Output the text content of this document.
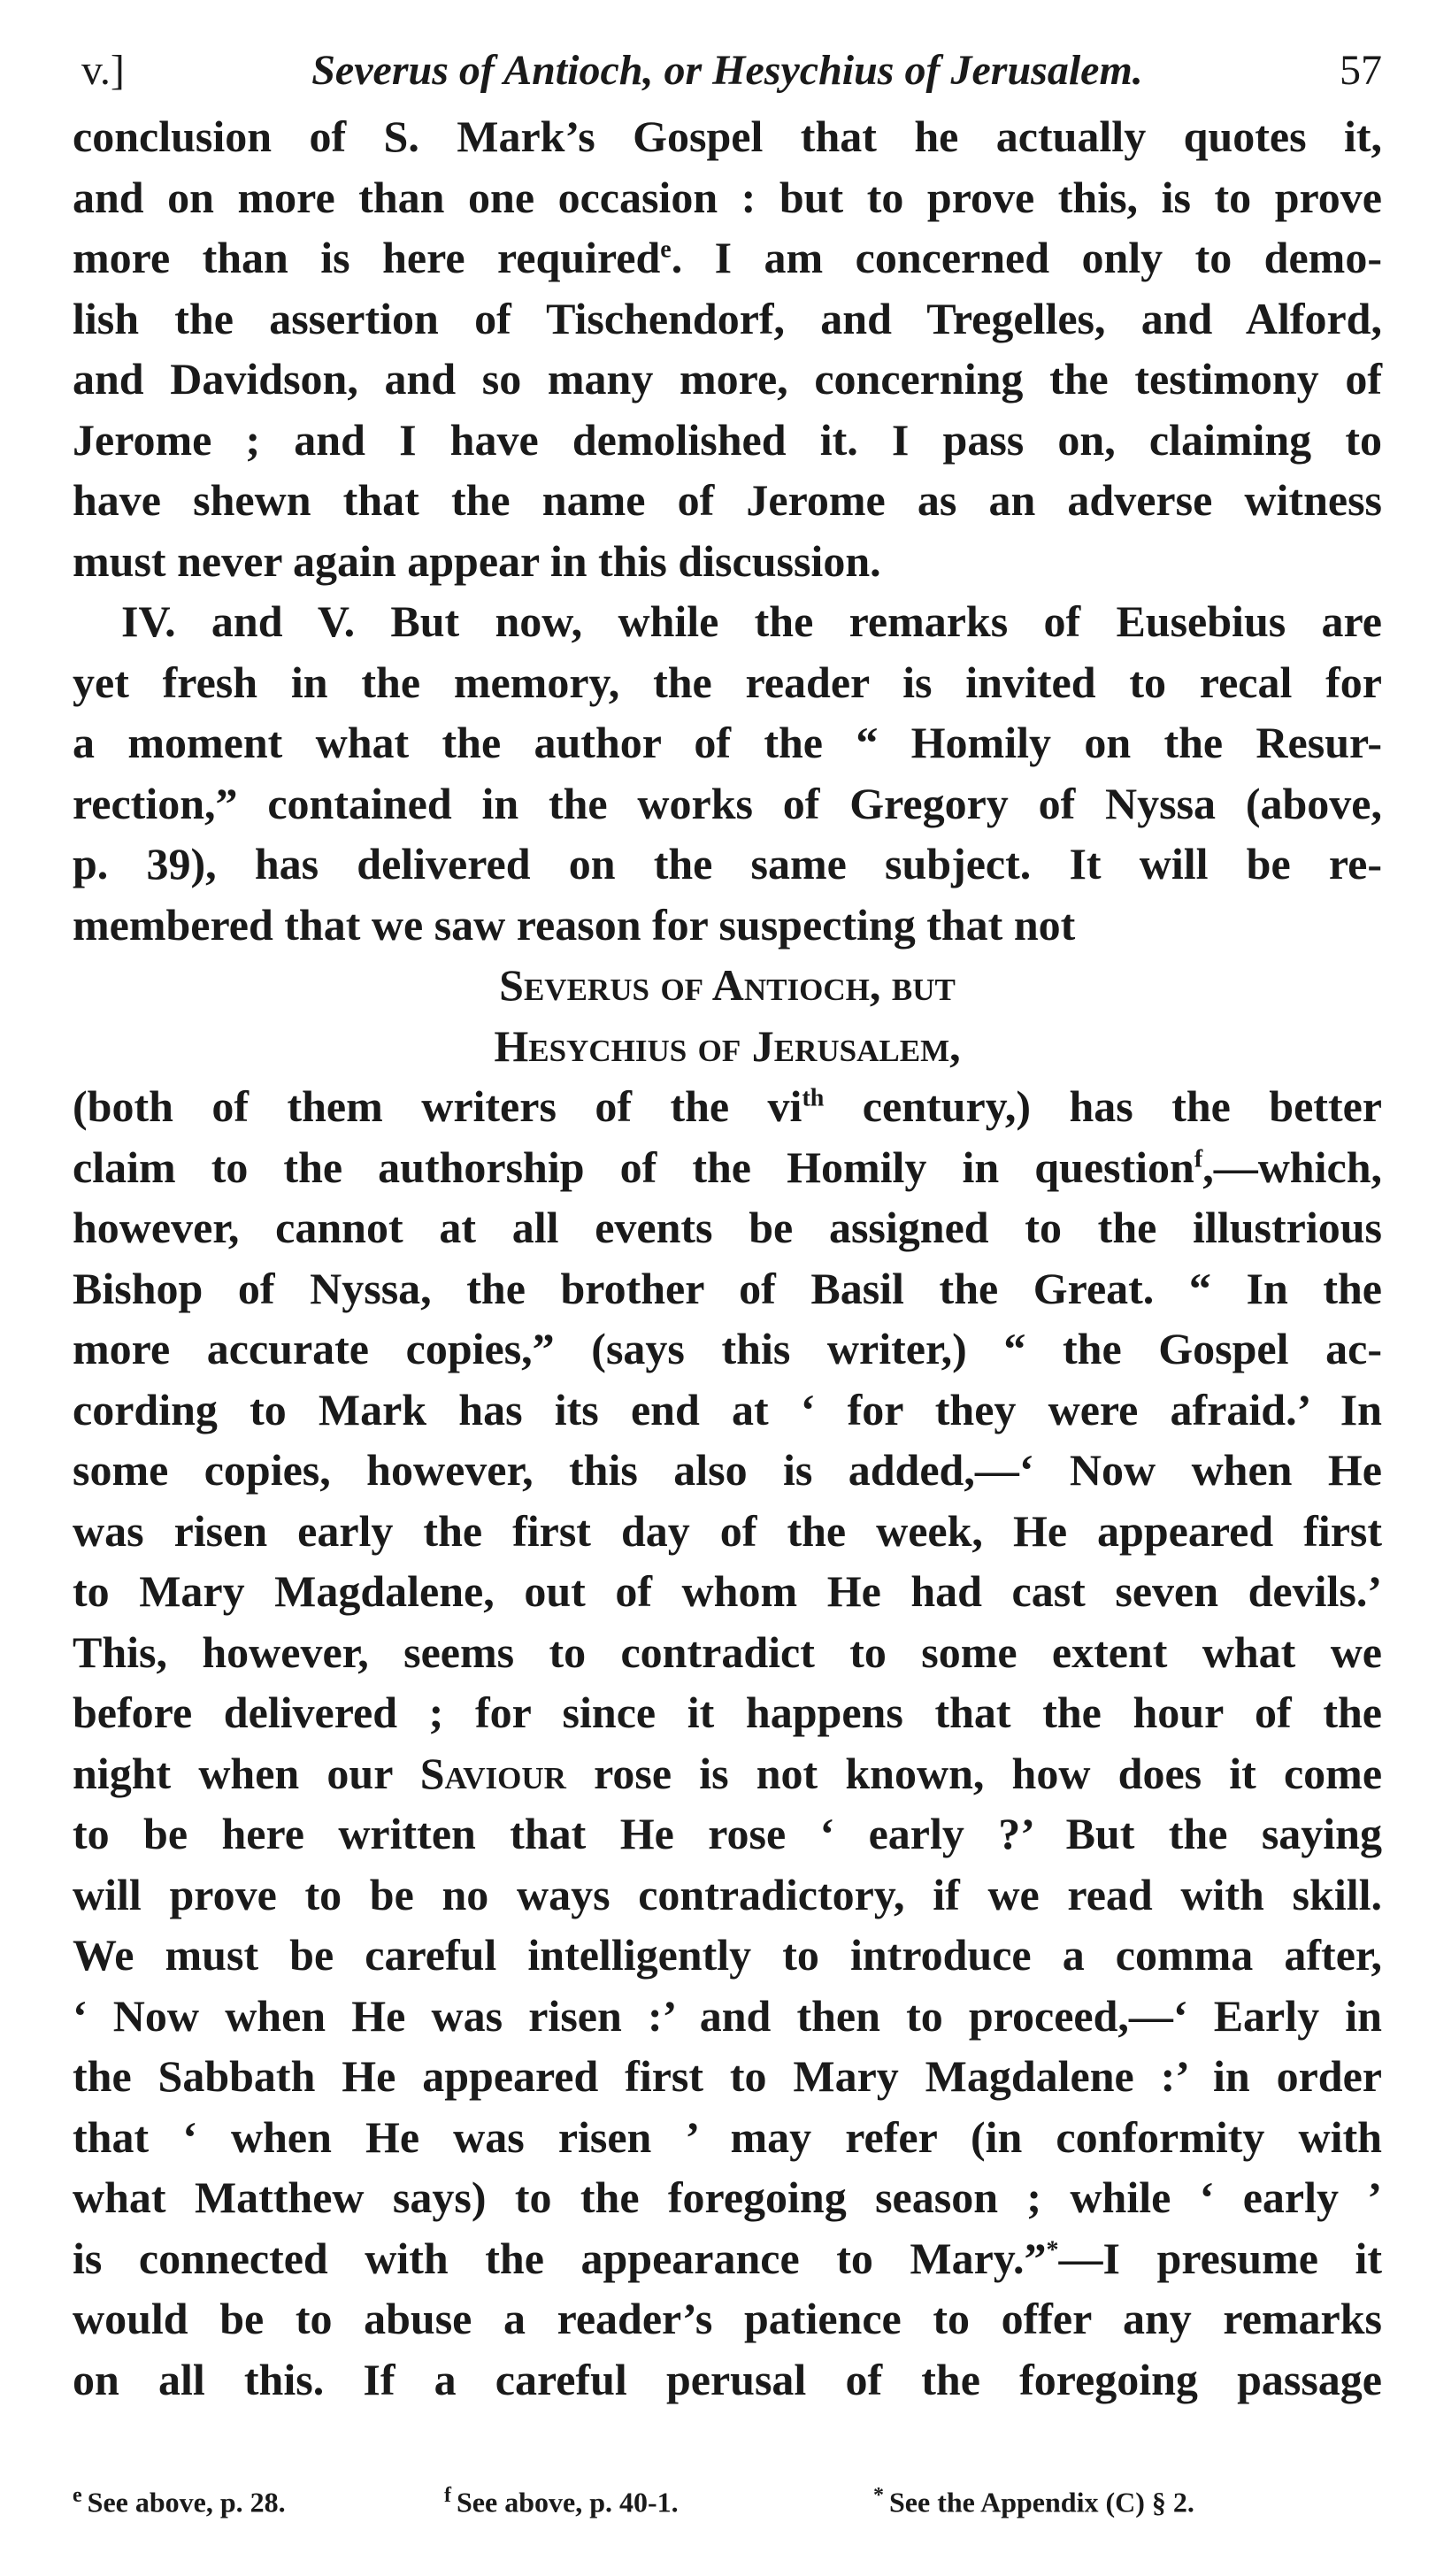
v.]	Severus of Antioch, or Hesychius of Jerusalem.	57
conclusion of S. Mark’s Gospel that he actually quotes it,
and on more than one occasion : but to prove this, is to prove
more than is here required$^e$. I am concerned only to demo-
lish the assertion of Tischendorf, and Tregelles, and Alford,
and Davidson, and so many more, concerning the testimony of
Jerome ; and I have demolished it. I pass on, claiming to
have shewn that the name of Jerome as an adverse witness
must never again appear in this discussion.
IV. and V. But now, while the remarks of Eusebius are
yet fresh in the memory, the reader is invited to recal for
a moment what the author of the “ Homily on the Resur-
rection,” contained in the works of Gregory of Nyssa (above,
p. 39), has delivered on the same subject. It will be re-
membered that we saw reason for suspecting that not
Severus of Antioch, but
Hesychius of Jerusalem,
(both of them writers of the $vi^{th}$ century,) has the better
claim to the authorship of the Homily in question$^f$,—which,
however, cannot at all events be assigned to the illustrious
Bishop of Nyssa, the brother of Basil the Great. “ In the
more accurate copies,” (says this writer,) “ the Gospel ac-
cording to Mark has its end at ‘ for they were afraid.’ In
some copies, however, this also is added,—‘ Now when He
was risen early the first day of the week, He appeared first
to Mary Magdalene, out of whom He had cast seven devils.’
This, however, seems to contradict to some extent what we
before delivered ; for since it happens that the hour of the
night when our Saviour rose is not known, how does it come
to be here written that He rose ‘ early ?’ But the saying
will prove to be no ways contradictory, if we read with skill.
We must be careful intelligently to introduce a comma after,
‘ Now when He was risen :’ and then to proceed,—‘ Early in
the Sabbath He appeared first to Mary Magdalene :’ in order
that ‘ when He was risen ’ may refer (in conformity with
what Matthew says) to the foregoing season ; while ‘ early ’
is connected with the appearance to Mary.”*—I presume it
would be to abuse a reader’s patience to offer any remarks
on all this. If a careful perusal of the foregoing passage
$^e$ See above, p. 28.	$^f$ See above, p. 40-1.	* See the Appendix (C) § 2.
